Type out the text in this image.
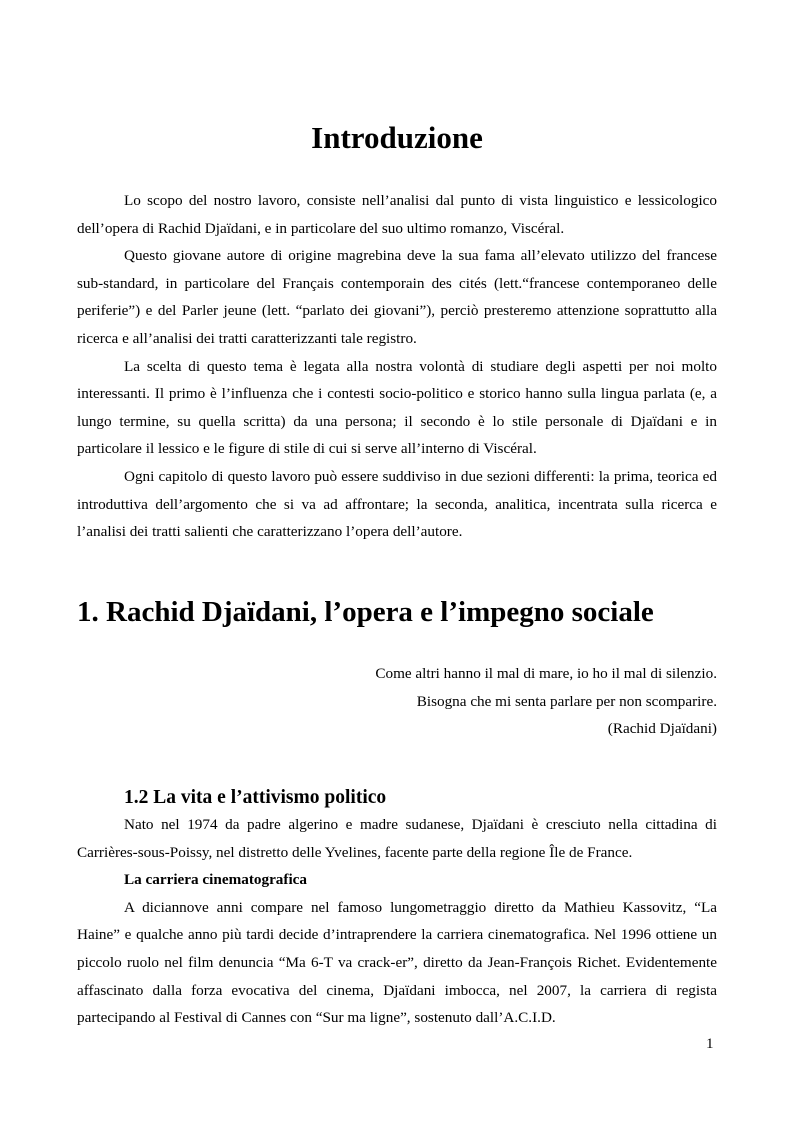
Introduzione

Lo scopo del nostro lavoro, consiste nell’analisi dal punto di vista linguistico e lessicologico dell’opera di Rachid Djaïdani, e in particolare del suo ultimo romanzo, Viscéral.

Questo giovane autore di origine magrebina deve la sua fama all’elevato utilizzo del francese sub-standard, in particolare del Français contemporain des cités (lett.“francese contemporaneo delle periferie”) e del Parler jeune (lett. “parlato dei giovani”), perciò presteremo attenzione soprattutto alla ricerca e all’analisi dei tratti caratterizzanti tale registro.

La scelta di questo tema è legata alla nostra volontà di studiare degli aspetti per noi molto interessanti. Il primo è l’influenza che i contesti socio-politico e storico hanno sulla lingua parlata (e, a lungo termine, su quella scritta) da una persona; il secondo è lo stile personale di Djaïdani e in particolare il lessico e le figure di stile di cui si serve all’interno di Viscéral.

Ogni capitolo di questo lavoro può essere suddiviso in due sezioni differenti: la prima, teorica ed introduttiva dell’argomento che si va ad affrontare; la seconda, analitica, incentrata sulla ricerca e l’analisi dei tratti salienti che caratterizzano l’opera dell’autore.

1. Rachid Djaïdani, l’opera e l’impegno sociale
Come altri hanno il mal di mare, io ho il mal di silenzio.
Bisogna che mi senta parlare per non scomparire.
(Rachid Djaïdani)
1.2 La vita e l’attivismo politico

Nato nel 1974 da padre algerino e madre sudanese, Djaïdani è cresciuto nella cittadina di Carrières-sous-Poissy, nel distretto delle Yvelines, facente parte della regione Île de France.

La carriera cinematografica

A diciannove anni compare nel famoso lungometraggio diretto da Mathieu Kassovitz, “La Haine” e qualche anno più tardi decide d’intraprendere la carriera cinematografica. Nel 1996 ottiene un piccolo ruolo nel film denuncia “Ma 6-T va crack-er”, diretto da Jean-François Richet. Evidentemente affascinato dalla forza evocativa del cinema, Djaïdani imbocca, nel 2007, la carriera di regista partecipando al Festival di Cannes con “Sur ma ligne”, sostenuto dall’A.C.I.D.

1
